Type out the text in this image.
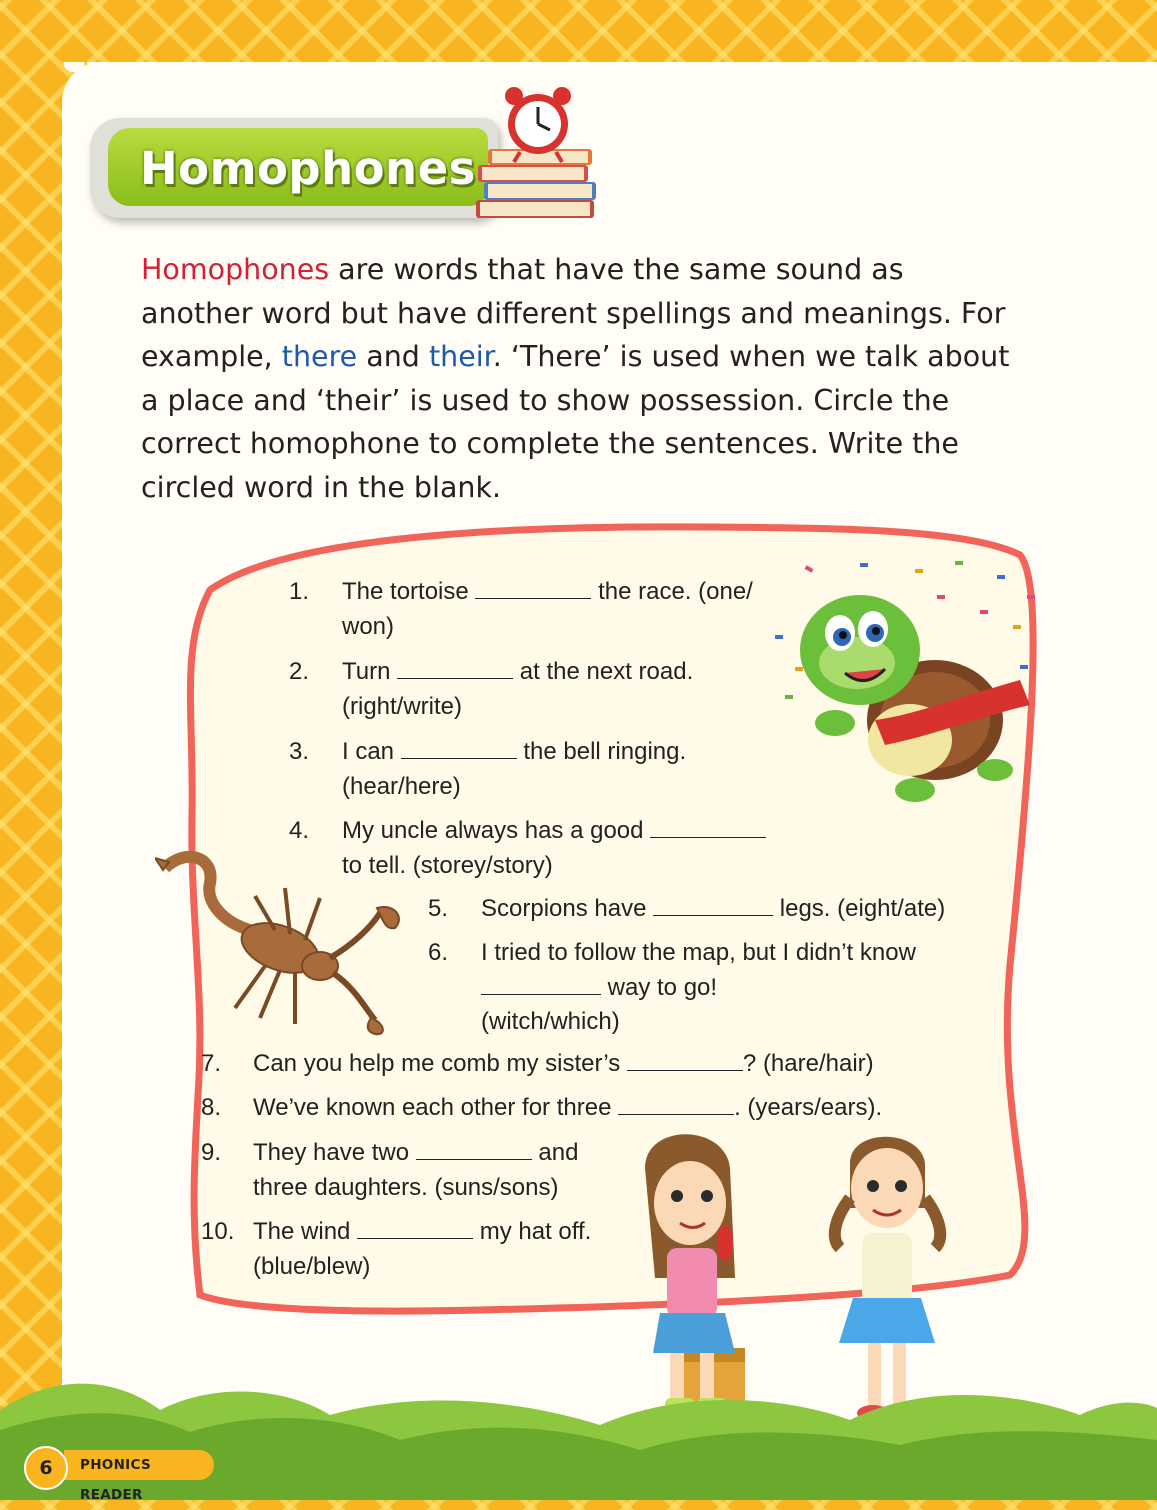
Homophones

Homophones are words that have the same sound as another word but have different spellings and meanings. For example, there and their. ‘There’ is used when we talk about a place and ‘their’ is used to show possession. Circle the correct homophone to complete the sentences. Write the circled word in the blank.

1. The tortoise	the race. (one/
won)
2. Turn	at the next road.
(right/write)
3. I can	the bell ringing.
(hear/here)
4. My uncle always has a good
to tell. (storey/story)
5. Scorpions have	legs. (eight/ate)
6. I tried to follow the map, but I didn’t know
way to go!
(witch/which)
7. Can you help me comb my sister’s	? (hare/hair)
8. We’ve known each other for three	. (years/ears).
9. They have two	and
three daughters. (suns/sons)
10. The wind	my hat off.
(blue/blew)
PHONICS READER
6
